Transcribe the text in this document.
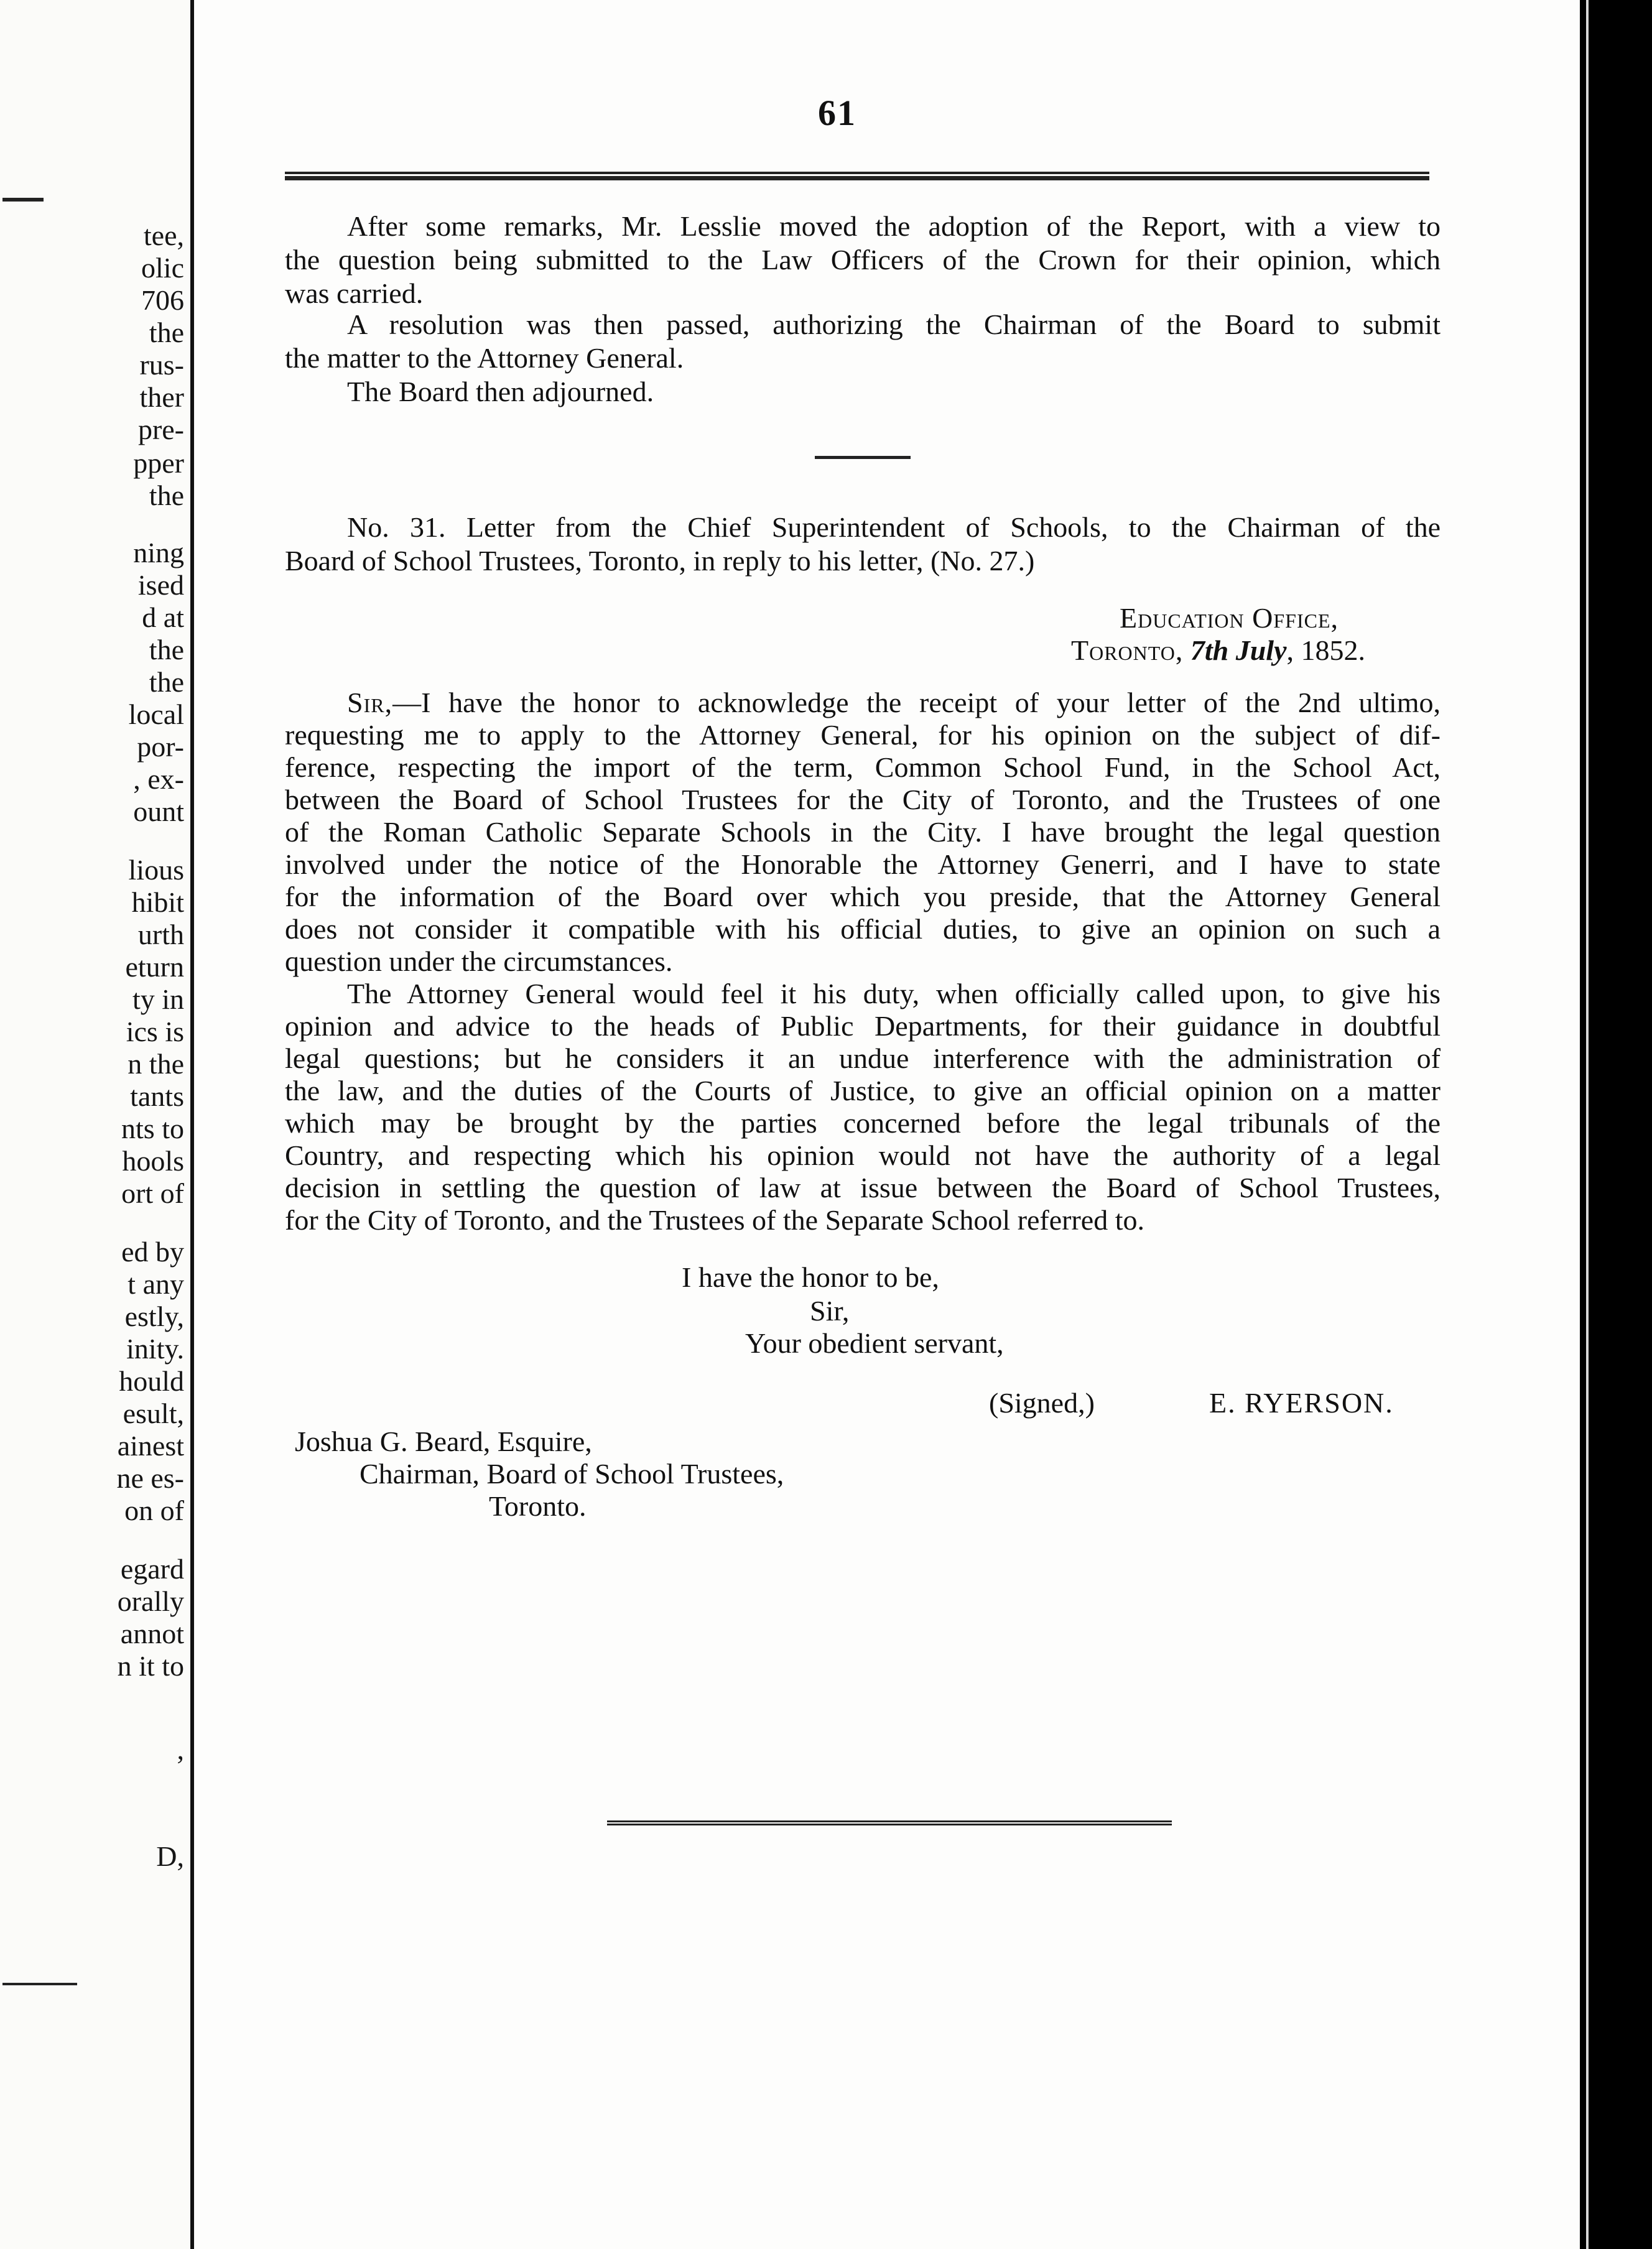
tee,
olic
706
the
rus-
ther
pre-
pper
the
ning
ised
d at
the
the
local
por-
, ex-
ount
lious
hibit
urth
eturn
ty in
ics is
n the
tants
nts to
hools
ort of
ed by
t any
estly,
inity.
hould
esult,
ainest
ne es-
on of
egard
orally
annot
n it to
,
D,
61
After some remarks, Mr. Lesslie moved the adoption of the Report, with a view to
the question being submitted to the Law Officers of the Crown for their opinion, which
was carried.
A resolution was then passed, authorizing the Chairman of the Board to submit
the matter to the Attorney General.
The Board then adjourned.
No. 31. Letter from the Chief Superintendent of Schools, to the Chairman of the
Board of School Trustees, Toronto, in reply to his letter, (No. 27.)
Education Office,
Toronto, 7th July, 1852.
Sir,—I have the honor to acknowledge the receipt of your letter of the 2nd ultimo,
requesting me to apply to the Attorney General, for his opinion on the subject of dif-
ference, respecting the import of the term, Common School Fund, in the School Act,
between the Board of School Trustees for the City of Toronto, and the Trustees of one
of the Roman Catholic Separate Schools in the City. I have brought the legal question
involved under the notice of the Honorable the Attorney Generri, and I have to state
for the information of the Board over which you preside, that the Attorney General
does not consider it compatible with his official duties, to give an opinion on such a
question under the circumstances.
The Attorney General would feel it his duty, when officially called upon, to give his
opinion and advice to the heads of Public Departments, for their guidance in doubtful
legal questions; but he considers it an undue interference with the administration of
the law, and the duties of the Courts of Justice, to give an official opinion on a matter
which may be brought by the parties concerned before the legal tribunals of the
Country, and respecting which his opinion would not have the authority of a legal
decision in settling the question of law at issue between the Board of School Trustees,
for the City of Toronto, and the Trustees of the Separate School referred to.
I have the honor to be,
Sir,
Your obedient servant,
(Signed,)	E. RYERSON.
Joshua G. Beard, Esquire,
Chairman, Board of School Trustees,
Toronto.
